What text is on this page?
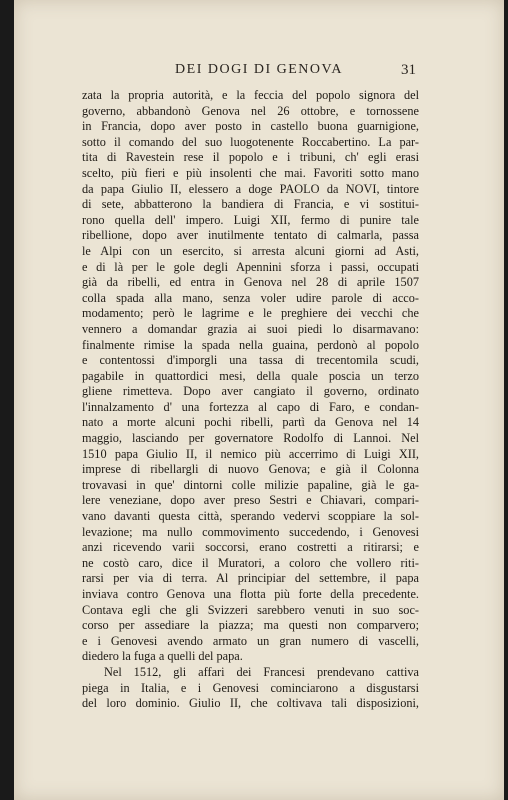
DEI DOGI DI GENOVA	31
zata la propria autorità, e la feccia del popolo signora del
governo, abbandonò Genova nel 26 ottobre, e tornossene
in Francia, dopo aver posto in castello buona guarnigione,
sotto il comando del suo luogotenente Roccabertino. La par-
tita di Ravestein rese il popolo e i tribuni, ch' egli erasi
scelto, più fieri e più insolenti che mai. Favoriti sotto mano
da papa Giulio II, elessero a doge PAOLO da NOVI, tintore
di sete, abbatterono la bandiera di Francia, e vi sostitui-
rono quella dell' impero. Luigi XII, fermo di punire tale
ribellione, dopo aver inutilmente tentato di calmarla, passa
le Alpi con un esercito, si arresta alcuni giorni ad Asti,
e di là per le gole degli Apennini sforza i passi, occupati
già da ribelli, ed entra in Genova nel 28 di aprile 1507
colla spada alla mano, senza voler udire parole di acco-
modamento; però le lagrime e le preghiere dei vecchi che
vennero a domandar grazia ai suoi piedi lo disarmavano:
finalmente rimise la spada nella guaina, perdonò al popolo
e contentossi d'imporgli una tassa di trecentomila scudi,
pagabile in quattordici mesi, della quale poscia un terzo
gliene rimetteva. Dopo aver cangiato il governo, ordinato
l'innalzamento d' una fortezza al capo di Faro, e condan-
nato a morte alcuni pochi ribelli, partì da Genova nel 14
maggio, lasciando per governatore Rodolfo di Lannoi. Nel
1510 papa Giulio II, il nemico più accerrimo di Luigi XII,
imprese di ribellargli di nuovo Genova; e già il Colonna
trovavasi in que' dintorni colle milizie papaline, già le ga-
lere veneziane, dopo aver preso Sestri e Chiavari, compari-
vano davanti questa città, sperando vedervi scoppiare la sol-
levazione; ma nullo commovimento succedendo, i Genovesi
anzi ricevendo varii soccorsi, erano costretti a ritirarsi; e
ne costò caro, dice il Muratori, a coloro che vollero riti-
rarsi per via di terra. Al principiar del settembre, il papa
inviava contro Genova una flotta più forte della precedente.
Contava egli che gli Svizzeri sarebbero venuti in suo soc-
corso per assediare la piazza; ma questi non comparvero;
e i Genovesi avendo armato un gran numero di vascelli,
diedero la fuga a quelli del papa.
Nel 1512, gli affari dei Francesi prendevano cattiva
piega in Italia, e i Genovesi cominciarono a disgustarsi
del loro dominio. Giulio II, che coltivava tali disposizioni,
